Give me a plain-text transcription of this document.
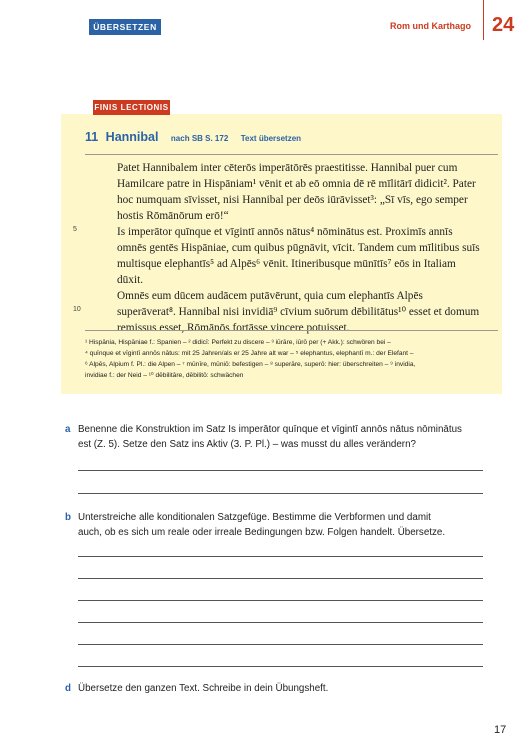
ÜBERSETZEN	Rom und Karthago 24
FINIS LECTIONIS
11 Hannibal nach SB S. 172 Text übersetzen
5
10
Patet Hannibalem inter cēterōs imperātōrēs praestitisse. Hannibal puer cum
Hamilcare patre in Hispāniam¹ vēnit et ab eō omnia dē rē mīlitārī didicit². Pater
hoc numquam sīvisset, nisi Hannibal per deōs iūrāvisset³: „Sī vīs, ego semper
hostis Rōmānōrum erō!“
Is imperātor quīnque et vīgintī annōs nātus⁴ nōminātus est. Proximīs annīs
omnēs gentēs Hispāniae, cum quibus pūgnāvit, vīcit. Tandem cum mīlitibus suīs
multisque elephantīs⁵ ad Alpēs⁶ vēnit. Itineribusque mūnītīs⁷ eōs in Italiam
dūxit.
Omnēs eum dūcem audācem putāvērunt, quia cum elephantīs Alpēs
superāverat⁸. Hannibal nisi invidiā⁹ cīvium suōrum dēbilitātus¹⁰ esset et domum
remissus esset, Rōmānōs fortāsse vincere potuisset.
¹ Hispānia, Hispāniae f.: Spanien – ² didicī: Perfekt zu discere – ³ iūrāre, iūrō per (+ Akk.): schwören bei –
⁴ quīnque et vīgintī annōs nātus: mit 25 Jahren/als er 25 Jahre alt war – ⁵ elephantus, elephantī m.: der Elefant –
⁶ Alpēs, Alpium f. Pl.: die Alpen – ⁷ mūnīre, mūniō: befestigen – ⁸ superāre, superō: hier: überschreiten – ⁹ invidia,
invidiae f.: der Neid – ¹⁰ dēbilitāre, dēbilitō: schwächen
a Benenne die Konstruktion im Satz Is imperātor quīnque et vīgintī annōs nātus nōminātus
est (Z. 5). Setze den Satz ins Aktiv (3. P. Pl.) – was musst du alles verändern?
b Unterstreiche alle konditionalen Satzgefüge. Bestimme die Verbformen und damit
auch, ob es sich um reale oder irreale Bedingungen bzw. Folgen handelt. Übersetze.
d Übersetze den ganzen Text. Schreibe in dein Übungsheft.
17
